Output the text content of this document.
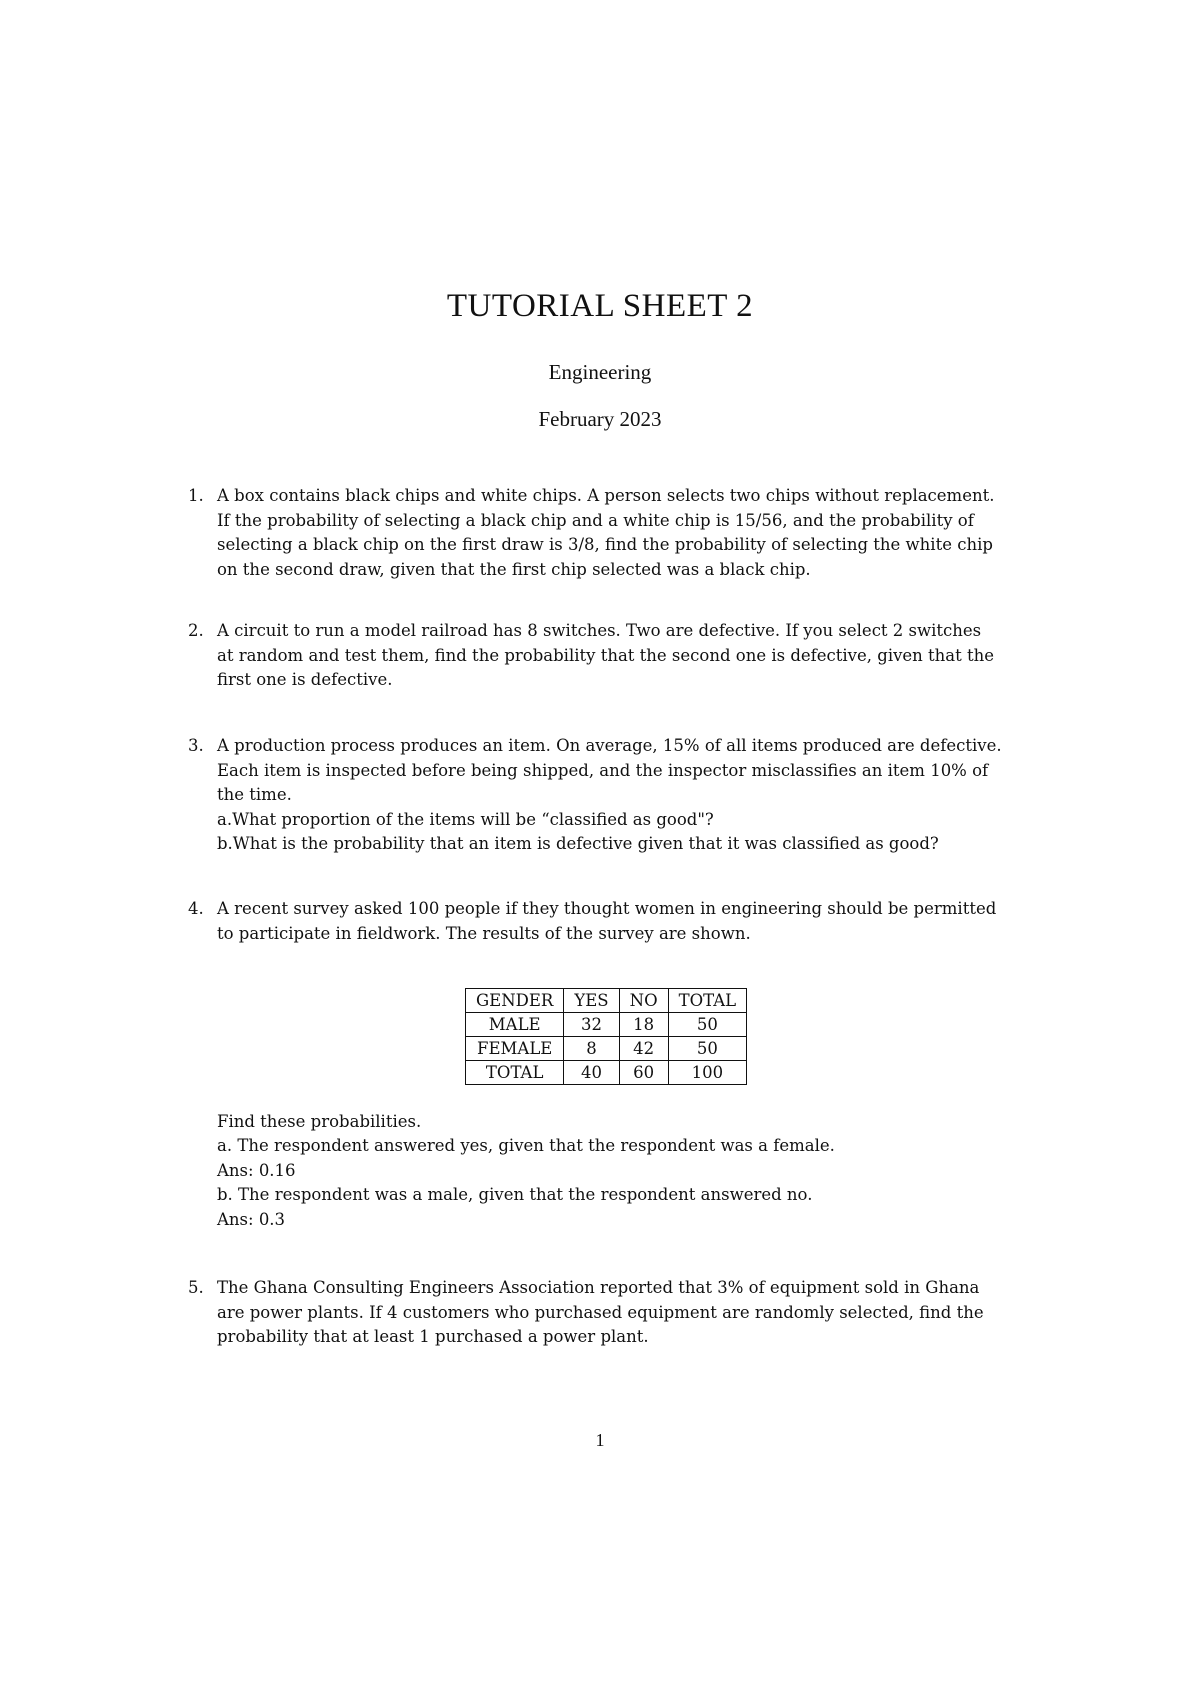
TUTORIAL SHEET 2
Engineering
February 2023
1. A box contains black chips and white chips. A person selects two chips without replacement.
If the probability of selecting a black chip and a white chip is 15/56, and the probability of
selecting a black chip on the first draw is 3/8, find the probability of selecting the white chip
on the second draw, given that the first chip selected was a black chip.
2. A circuit to run a model railroad has 8 switches. Two are defective. If you select 2 switches
at random and test them, find the probability that the second one is defective, given that the
first one is defective.
3. A production process produces an item. On average, 15% of all items produced are defective.
Each item is inspected before being shipped, and the inspector misclassifies an item 10% of
the time.
a.What proportion of the items will be “classified as good"?
b.What is the probability that an item is defective given that it was classified as good?
4. A recent survey asked 100 people if they thought women in engineering should be permitted
to participate in fieldwork. The results of the survey are shown.
GENDER	YES	NO	TOTAL
MALE	32	18	50
FEMALE	8	42	50
TOTAL	40	60	100
Find these probabilities.
a. The respondent answered yes, given that the respondent was a female.
Ans: 0.16
b. The respondent was a male, given that the respondent answered no.
Ans: 0.3
5. The Ghana Consulting Engineers Association reported that 3% of equipment sold in Ghana
are power plants. If 4 customers who purchased equipment are randomly selected, find the
probability that at least 1 purchased a power plant.
1
